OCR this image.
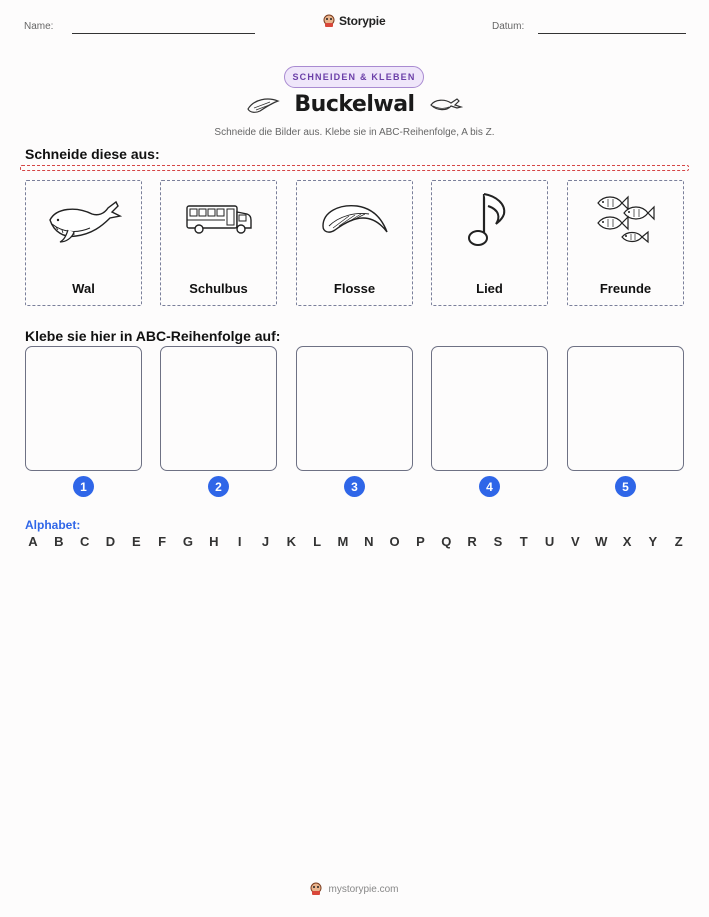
Name:	Storypie	Datum:
SCHNEIDEN & KLEBEN
Buckelwal
Schneide die Bilder aus. Klebe sie in ABC-Reihenfolge, A bis Z.
Schneide diese aus:
Wal	Schulbus	Flosse	Lied	Freunde
Klebe sie hier in ABC-Reihenfolge auf:
1	2	3	4	5
Alphabet:
A B C D E F G H	I	J K L M N O P Q R S T U V W X Y Z
mystorypie.com
